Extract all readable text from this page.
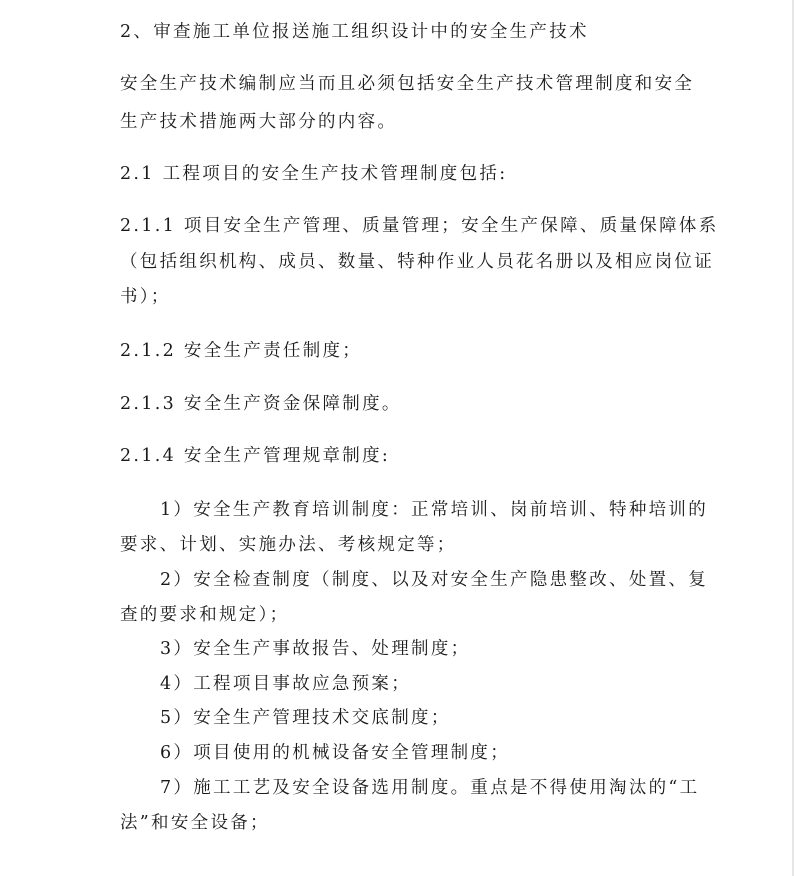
2、审查施工单位报送施工组织设计中的安全生产技术
安全生产技术编制应当而且必须包括安全生产技术管理制度和安全
生产技术措施两大部分的内容。
2.1 工程项目的安全生产技术管理制度包括:
2.1.1 项目安全生产管理、质量管理；安全生产保障、质量保障体系
（包括组织机构、成员、数量、特种作业人员花名册以及相应岗位证
书）；
2.1.2 安全生产责任制度；
2.1.3 安全生产资金保障制度。
2.1.4 安全生产管理规章制度:
1）安全生产教育培训制度：正常培训、岗前培训、特种培训的
要求、计划、实施办法、考核规定等；
2）安全检查制度（制度、以及对安全生产隐患整改、处置、复
查的要求和规定）；
3）安全生产事故报告、处理制度；
4）工程项目事故应急预案；
5）安全生产管理技术交底制度；
6）项目使用的机械设备安全管理制度；
7）施工工艺及安全设备选用制度。重点是不得使用淘汰的“工
法”和安全设备；
